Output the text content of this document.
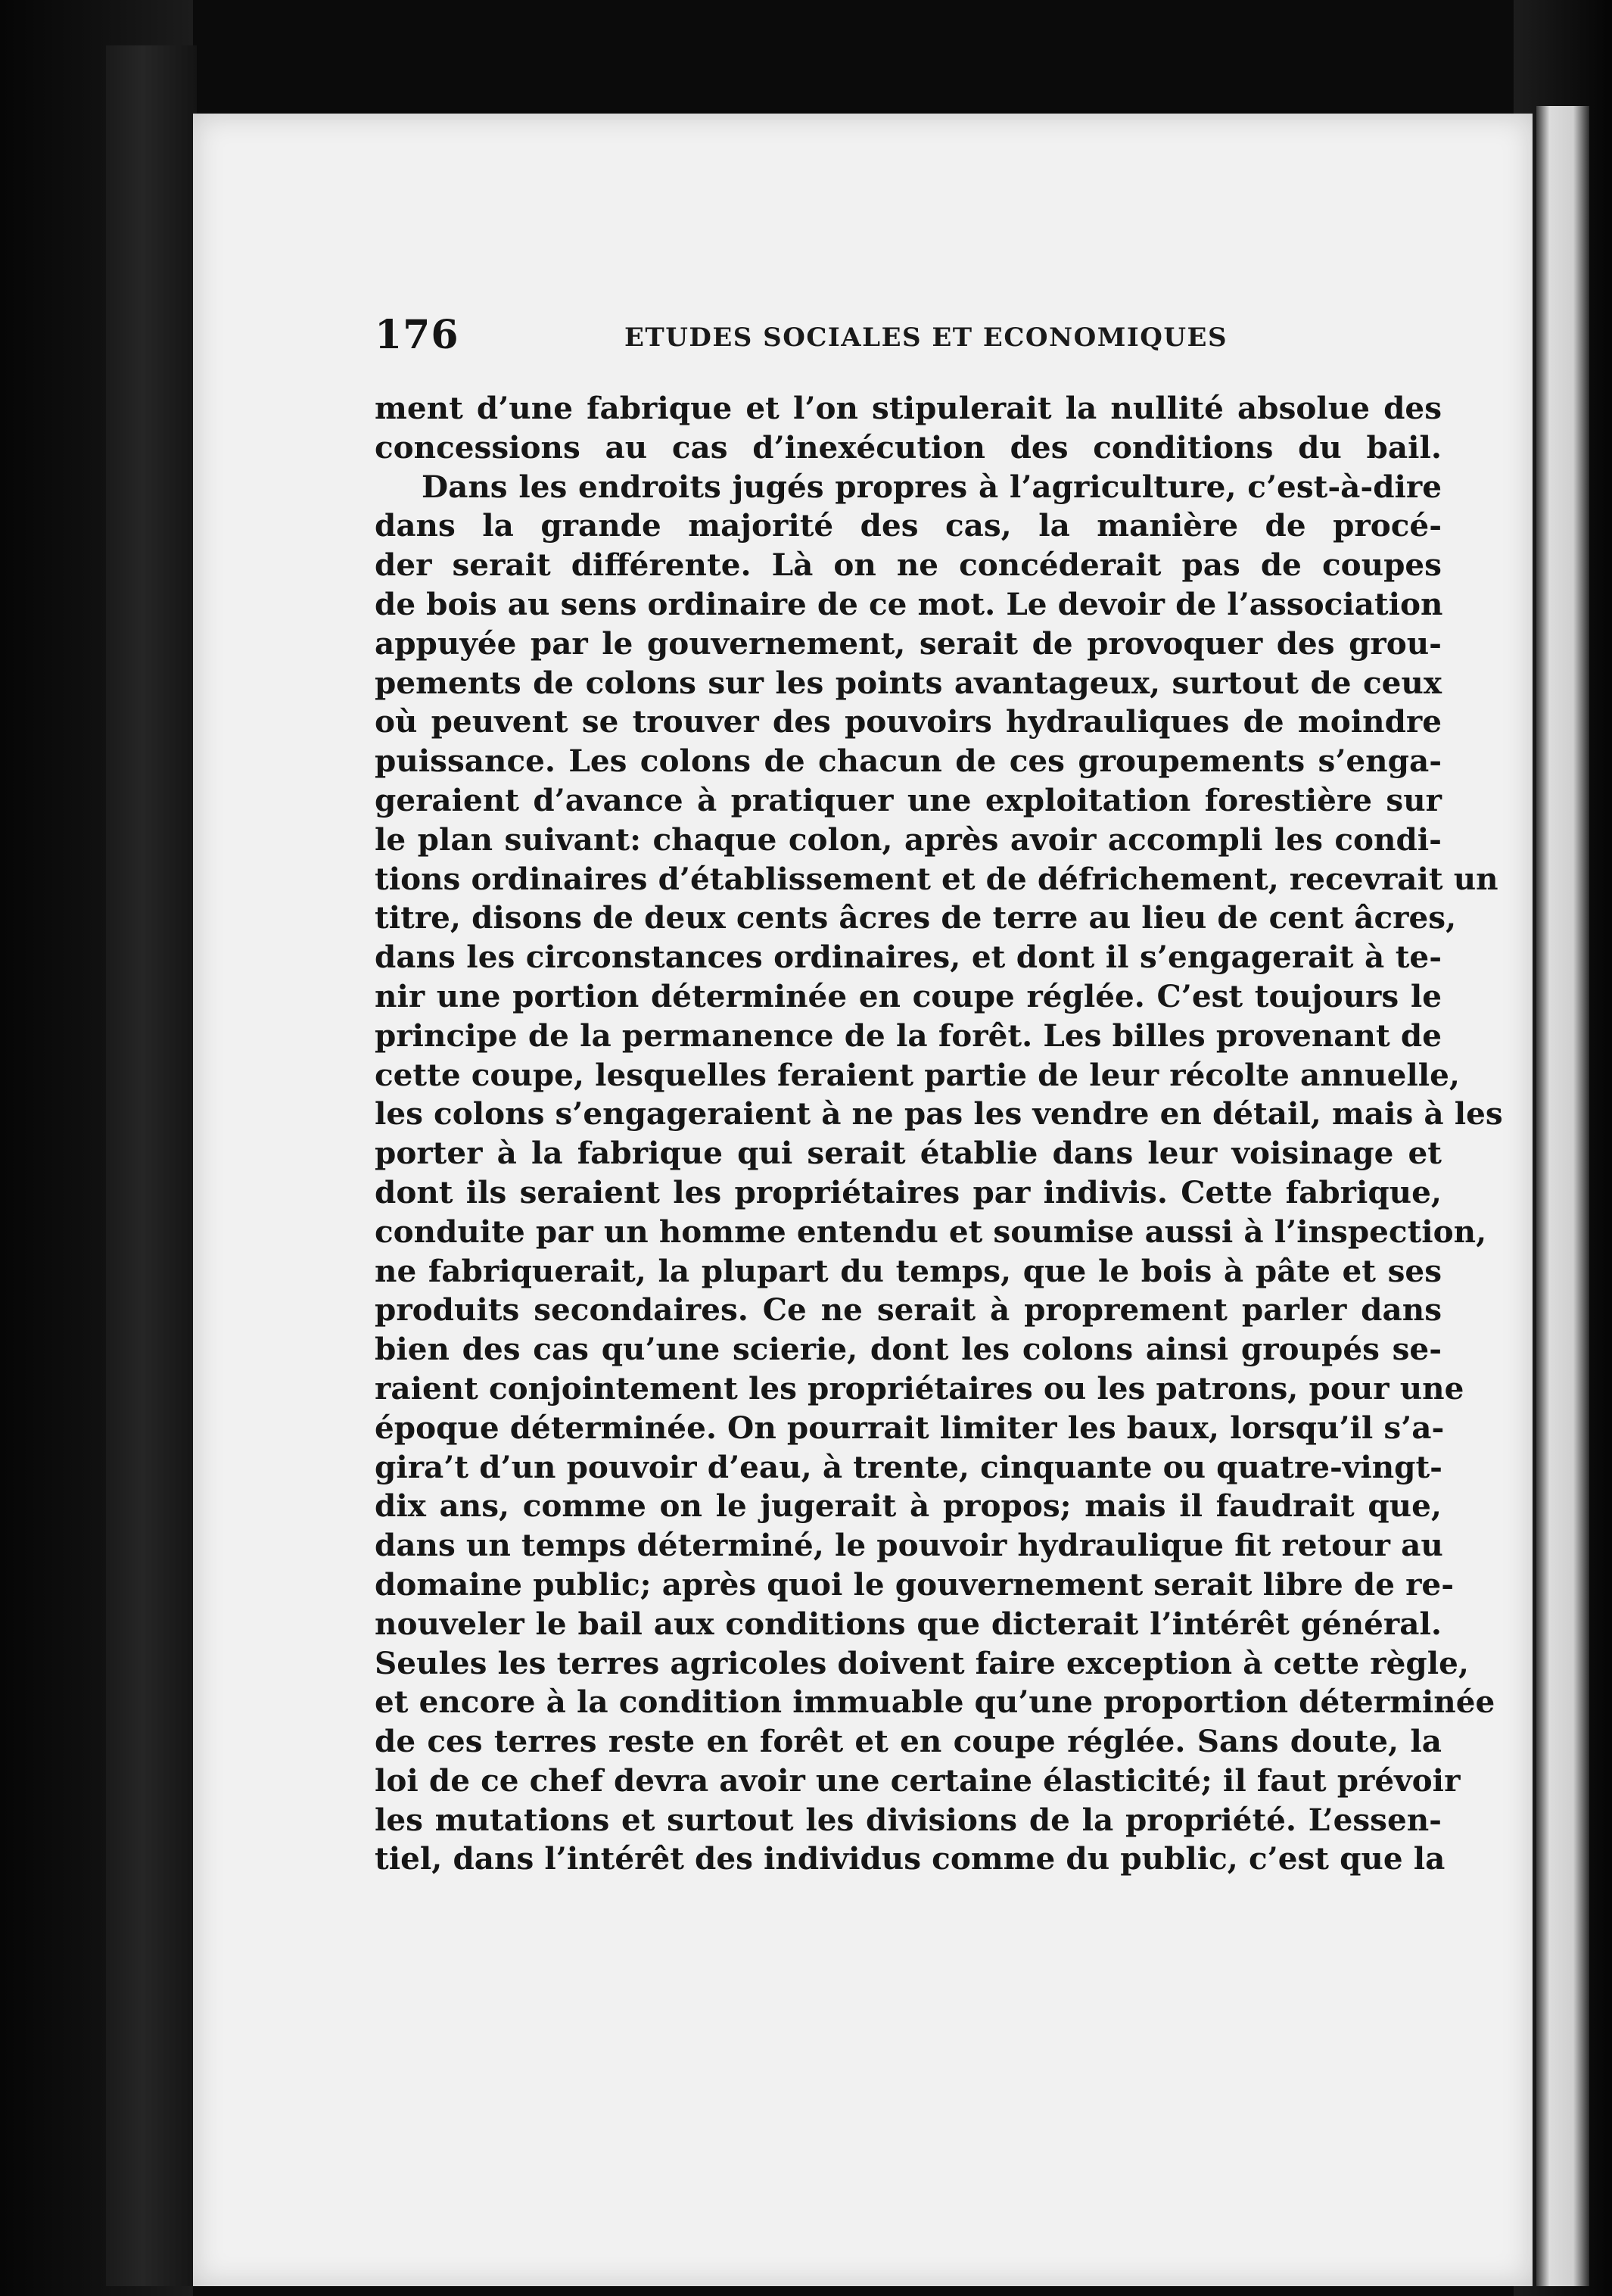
176	ETUDES SOCIALES ET ECONOMIQUES
ment d’une fabrique et l’on stipulerait la nullité absolue des
concessions au cas d’inexécution des conditions du bail.
Dans les endroits jugés propres à l’agriculture, c’est-à-dire
dans la grande majorité des cas, la manière de procé-
der serait différente. Là on ne concéderait pas de coupes
de bois au sens ordinaire de ce mot. Le devoir de l’association
appuyée par le gouvernement, serait de provoquer des grou-
pements de colons sur les points avantageux, surtout de ceux
où peuvent se trouver des pouvoirs hydrauliques de moindre
puissance. Les colons de chacun de ces groupements s’enga-
geraient d’avance à pratiquer une exploitation forestière sur
le plan suivant: chaque colon, après avoir accompli les condi-
tions ordinaires d’établissement et de défrichement, recevrait un
titre, disons de deux cents âcres de terre au lieu de cent âcres,
dans les circonstances ordinaires, et dont il s’engagerait à te-
nir une portion déterminée en coupe réglée. C’est toujours le
principe de la permanence de la forêt. Les billes provenant de
cette coupe, lesquelles feraient partie de leur récolte annuelle,
les colons s’engageraient à ne pas les vendre en détail, mais à les
porter à la fabrique qui serait établie dans leur voisinage et
dont ils seraient les propriétaires par indivis. Cette fabrique,
conduite par un homme entendu et soumise aussi à l’inspection,
ne fabriquerait, la plupart du temps, que le bois à pâte et ses
produits secondaires. Ce ne serait à proprement parler dans
bien des cas qu’une scierie, dont les colons ainsi groupés se-
raient conjointement les propriétaires ou les patrons, pour une
époque déterminée. On pourrait limiter les baux, lorsqu’il s’a-
gira’t d’un pouvoir d’eau, à trente, cinquante ou quatre-vingt-
dix ans, comme on le jugerait à propos; mais il faudrait que,
dans un temps déterminé, le pouvoir hydraulique fit retour au
domaine public; après quoi le gouvernement serait libre de re-
nouveler le bail aux conditions que dicterait l’intérêt général.
Seules les terres agricoles doivent faire exception à cette règle,
et encore à la condition immuable qu’une proportion déterminée
de ces terres reste en forêt et en coupe réglée. Sans doute, la
loi de ce chef devra avoir une certaine élasticité; il faut prévoir
les mutations et surtout les divisions de la propriété. L’essen-
tiel, dans l’intérêt des individus comme du public, c’est que la
